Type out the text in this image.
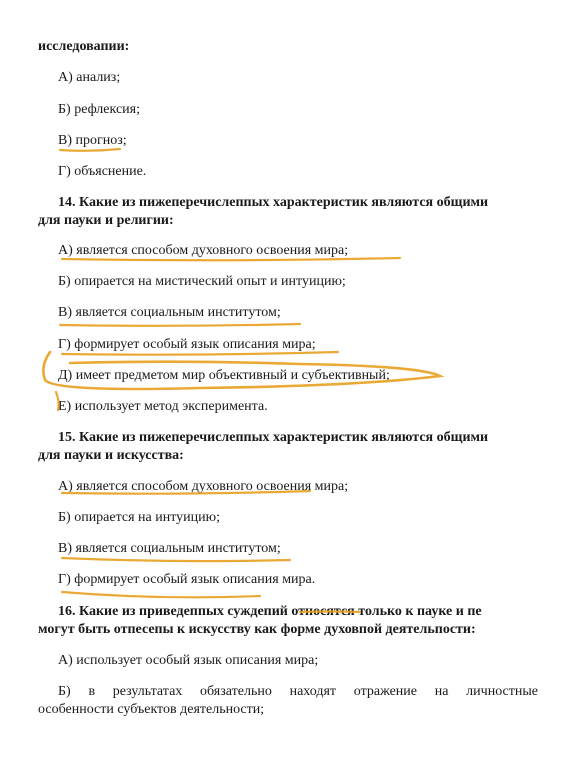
исследовапии:
А) анализ;
Б) рефлексия;
В) прогноз;
Г) объяснение.
14. Какие из пижеперечислеппых характеристик являются общими
для пауки и религии:
А) является способом духовного освоения мира;
Б) опирается на мистический опыт и интуицию;
В) является социальным институтом;
Г) формирует особый язык описания мира;
Д) имеет предметом мир объективный и субъективный;
Е) использует метод эксперимента.
15. Какие из пижеперечислеппых характеристик являются общими
для пауки и искусства:
А) является способом духовного освоения мира;
Б) опирается на интуицию;
В) является социальным институтом;
Г) формирует особый язык описания мира.
16. Какие из приведеппых суждепий относятся только к пауке и пе
могут быть отпесепы к искусству как форме духовпой деятельпости:
А) использует особый язык описания мира;
Б) в результатах обязательно находят отражение на личностные
особенности субъектов деятельности;
